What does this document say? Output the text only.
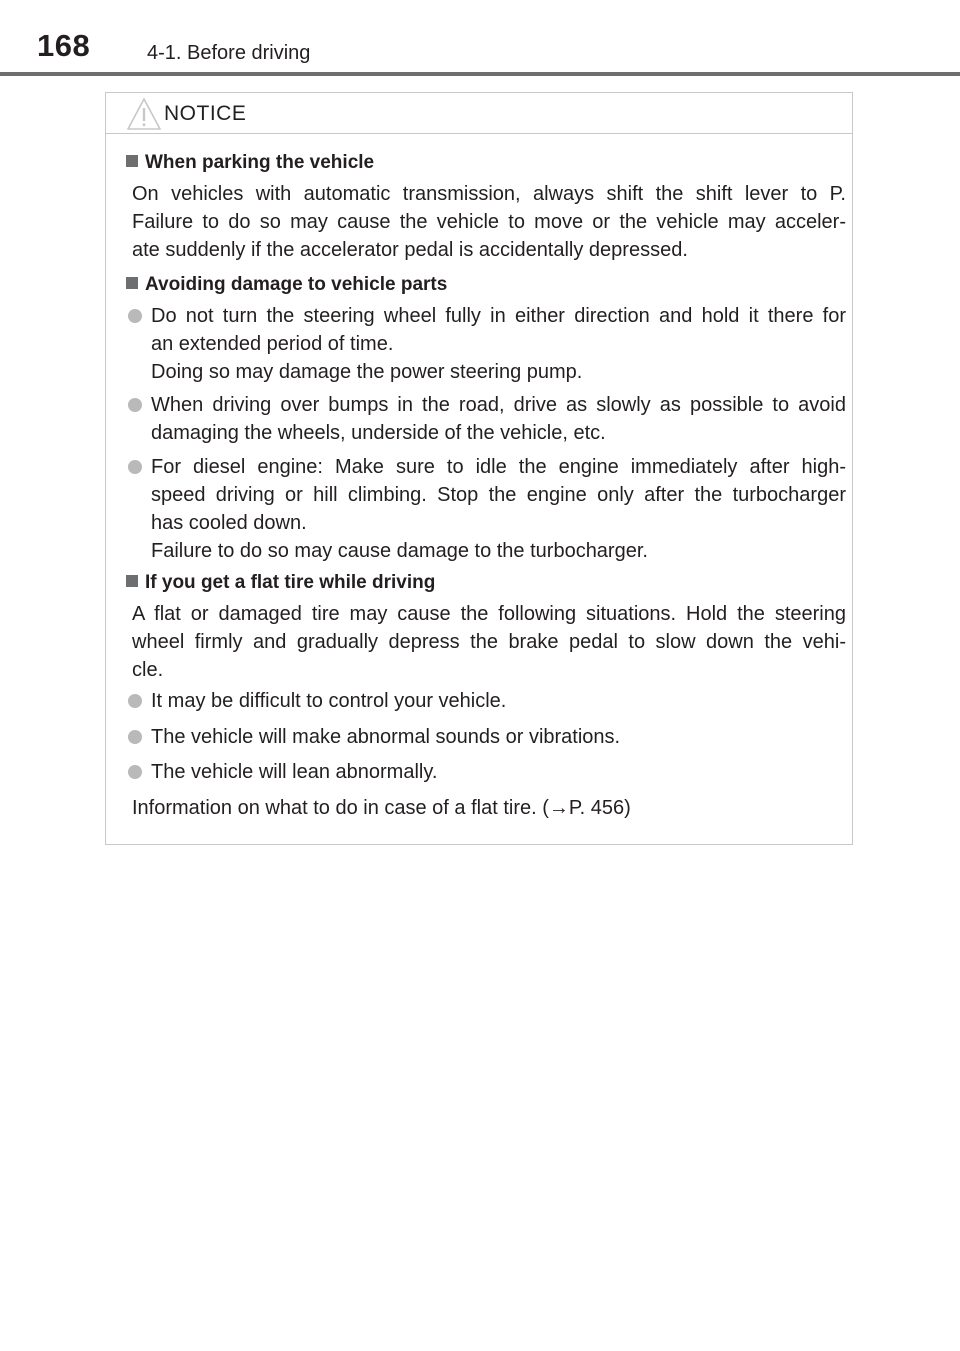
168	4-1. Before driving
NOTICE
When parking the vehicle
On vehicles with automatic transmission, always shift the shift lever to P.
Failure to do so may cause the vehicle to move or the vehicle may acceler-
ate suddenly if the accelerator pedal is accidentally depressed.
Avoiding damage to vehicle parts
Do not turn the steering wheel fully in either direction and hold it there for
an extended period of time.
Doing so may damage the power steering pump.
When driving over bumps in the road, drive as slowly as possible to avoid
damaging the wheels, underside of the vehicle, etc.
For diesel engine: Make sure to idle the engine immediately after high-
speed driving or hill climbing. Stop the engine only after the turbocharger
has cooled down.
Failure to do so may cause damage to the turbocharger.
If you get a flat tire while driving
A flat or damaged tire may cause the following situations. Hold the steering
wheel firmly and gradually depress the brake pedal to slow down the vehi-
cle.
It may be difficult to control your vehicle.
The vehicle will make abnormal sounds or vibrations.
The vehicle will lean abnormally.
Information on what to do in case of a flat tire. (→P. 456)
